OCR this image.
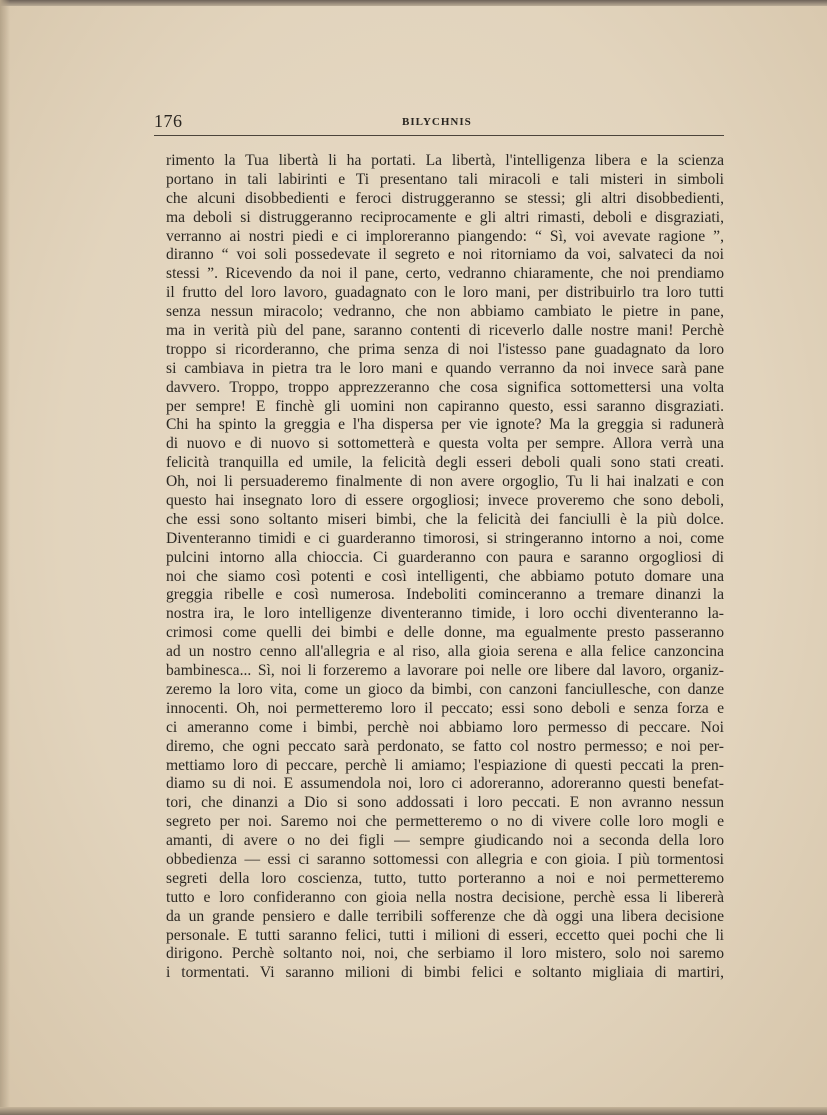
176	BILYCHNIS
rimento la Tua libertà li ha portati. La libertà, l'intelligenza libera e la scienza
portano in tali labirinti e Ti presentano tali miracoli e tali misteri in simboli
che alcuni disobbedienti e feroci distruggeranno se stessi; gli altri disobbedienti,
ma deboli si distruggeranno reciprocamente e gli altri rimasti, deboli e disgraziati,
verranno ai nostri piedi e ci imploreranno piangendo: “ Sì, voi avevate ragione ”,
diranno “ voi soli possedevate il segreto e noi ritorniamo da voi, salvateci da noi
stessi ”. Ricevendo da noi il pane, certo, vedranno chiaramente, che noi prendiamo
il frutto del loro lavoro, guadagnato con le loro mani, per distribuirlo tra loro tutti
senza nessun miracolo; vedranno, che non abbiamo cambiato le pietre in pane,
ma in verità più del pane, saranno contenti di riceverlo dalle nostre mani! Perchè
troppo si ricorderanno, che prima senza di noi l'istesso pane guadagnato da loro
si cambiava in pietra tra le loro mani e quando verranno da noi invece sarà pane
davvero. Troppo, troppo apprezzeranno che cosa significa sottomettersi una volta
per sempre! E finchè gli uomini non capiranno questo, essi saranno disgraziati.
Chi ha spinto la greggia e l'ha dispersa per vie ignote? Ma la greggia si radunerà
di nuovo e di nuovo si sottometterà e questa volta per sempre. Allora verrà una
felicità tranquilla ed umile, la felicità degli esseri deboli quali sono stati creati.
Oh, noi li persuaderemo finalmente di non avere orgoglio, Tu li hai inalzati e con
questo hai insegnato loro di essere orgogliosi; invece proveremo che sono deboli,
che essi sono soltanto miseri bimbi, che la felicità dei fanciulli è la più dolce.
Diventeranno timidi e ci guarderanno timorosi, si stringeranno intorno a noi, come
pulcini intorno alla chioccia. Ci guarderanno con paura e saranno orgogliosi di
noi che siamo così potenti e così intelligenti, che abbiamo potuto domare una
greggia ribelle e così numerosa. Indeboliti cominceranno a tremare dinanzi la
nostra ira, le loro intelligenze diventeranno timide, i loro occhi diventeranno la-
crimosi come quelli dei bimbi e delle donne, ma egualmente presto passeranno
ad un nostro cenno all'allegria e al riso, alla gioia serena e alla felice canzoncina
bambinesca... Sì, noi li forzeremo a lavorare poi nelle ore libere dal lavoro, organiz-
zeremo la loro vita, come un gioco da bimbi, con canzoni fanciullesche, con danze
innocenti. Oh, noi permetteremo loro il peccato; essi sono deboli e senza forza e
ci ameranno come i bimbi, perchè noi abbiamo loro permesso di peccare. Noi
diremo, che ogni peccato sarà perdonato, se fatto col nostro permesso; e noi per-
mettiamo loro di peccare, perchè li amiamo; l'espiazione di questi peccati la pren-
diamo su di noi. E assumendola noi, loro ci adoreranno, adoreranno questi benefat-
tori, che dinanzi a Dio si sono addossati i loro peccati. E non avranno nessun
segreto per noi. Saremo noi che permetteremo o no di vivere colle loro mogli e
amanti, di avere o no dei figli — sempre giudicando noi a seconda della loro
obbedienza — essi ci saranno sottomessi con allegria e con gioia. I più tormentosi
segreti della loro coscienza, tutto, tutto porteranno a noi e noi permetteremo
tutto e loro confideranno con gioia nella nostra decisione, perchè essa li libererà
da un grande pensiero e dalle terribili sofferenze che dà oggi una libera decisione
personale. E tutti saranno felici, tutti i milioni di esseri, eccetto quei pochi che li
dirigono. Perchè soltanto noi, noi, che serbiamo il loro mistero, solo noi saremo
i tormentati. Vi saranno milioni di bimbi felici e soltanto migliaia di martiri,
